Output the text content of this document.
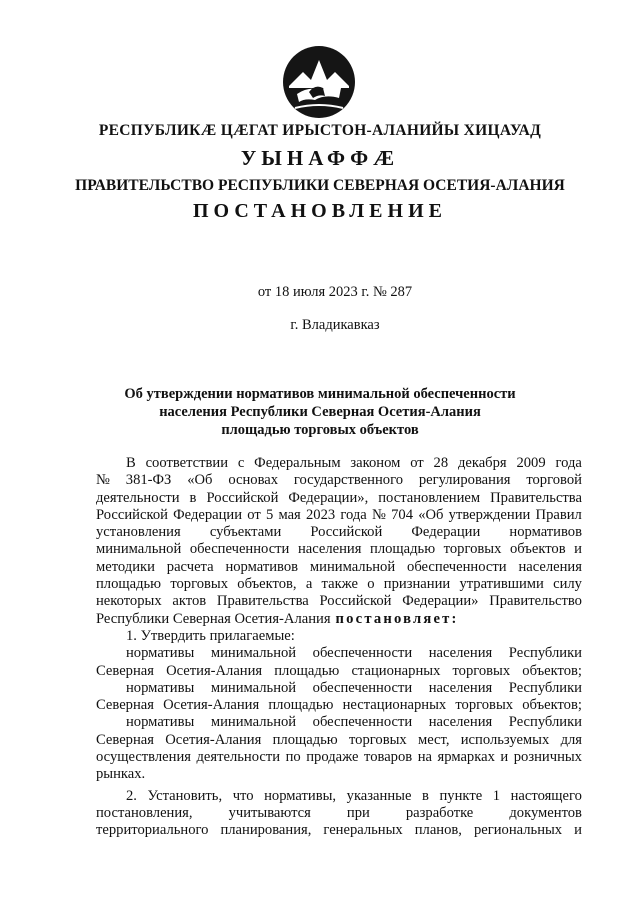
РЕСПУБЛИКӔ ЦӔГАТ ИРЫСТОН-АЛАНИЙЫ ХИЦАУАД
УЫНАФФӔ
ПРАВИТЕЛЬСТВО РЕСПУБЛИКИ СЕВЕРНАЯ ОСЕТИЯ-АЛАНИЯ
ПОСТАНОВЛЕНИЕ
от 18 июля 2023 г. № 287
г. Владикавказ
Об утверждении нормативов минимальной обеспеченности
населения Республики Северная Осетия-Алания
площадью торговых объектов
В соответствии с Федеральным законом от 28 декабря 2009 года
№ 381-ФЗ «Об основах государственного регулирования торговой
деятельности в Российской Федерации», постановлением Правительства
Российской Федерации от 5 мая 2023 года № 704 «Об утверждении Правил
установления субъектами Российской Федерации нормативов
минимальной обеспеченности населения площадью торговых объектов и
методики расчета нормативов минимальной обеспеченности населения
площадью торговых объектов, а также о признании утратившими силу
некоторых актов Правительства Российской Федерации» Правительство
Республики Северная Осетия-Алания постановляет:
1. Утвердить прилагаемые:
нормативы минимальной обеспеченности населения Республики
Северная Осетия-Алания площадью стационарных торговых объектов;
нормативы минимальной обеспеченности населения Республики
Северная Осетия-Алания площадью нестационарных торговых объектов;
нормативы минимальной обеспеченности населения Республики
Северная Осетия-Алания площадью торговых мест, используемых для
осуществления деятельности по продаже товаров на ярмарках и розничных
рынках.
2. Установить, что нормативы, указанные в пункте 1 настоящего
постановления, учитываются при разработке документов
территориального планирования, генеральных планов, региональных и
